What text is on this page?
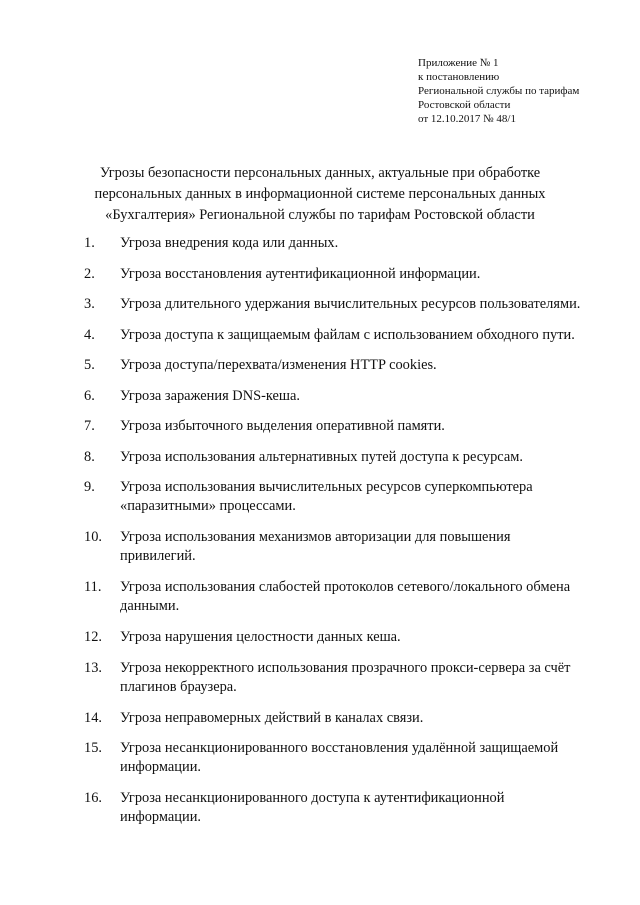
Приложение № 1
к постановлению
Региональной службы по тарифам
Ростовской области
от 12.10.2017 № 48/1
Угрозы безопасности персональных данных, актуальные при обработке
персональных данных в информационной системе персональных данных
«Бухгалтерия» Региональной службы по тарифам Ростовской области
1.	Угроза внедрения кода или данных.
2.	Угроза восстановления аутентификационной информации.
3.	Угроза длительного удержания вычислительных ресурсов пользователями.
4.	Угроза доступа к защищаемым файлам с использованием обходного пути.
5.	Угроза доступа/перехвата/изменения HTTP cookies.
6.	Угроза заражения DNS-кеша.
7.	Угроза избыточного выделения оперативной памяти.
8.	Угроза использования альтернативных путей доступа к ресурсам.
9.	Угроза использования вычислительных ресурсов суперкомпьютера
«паразитными» процессами.
10.	Угроза использования механизмов авторизации для повышения
привилегий.
11.	Угроза использования слабостей протоколов сетевого/локального обмена
данными.
12.	Угроза нарушения целостности данных кеша.
13.	Угроза некорректного использования прозрачного прокси-сервера за счёт
плагинов браузера.
14.	Угроза неправомерных действий в каналах связи.
15.	Угроза несанкционированного восстановления удалённой защищаемой
информации.
16.	Угроза несанкционированного доступа к аутентификационной
информации.
